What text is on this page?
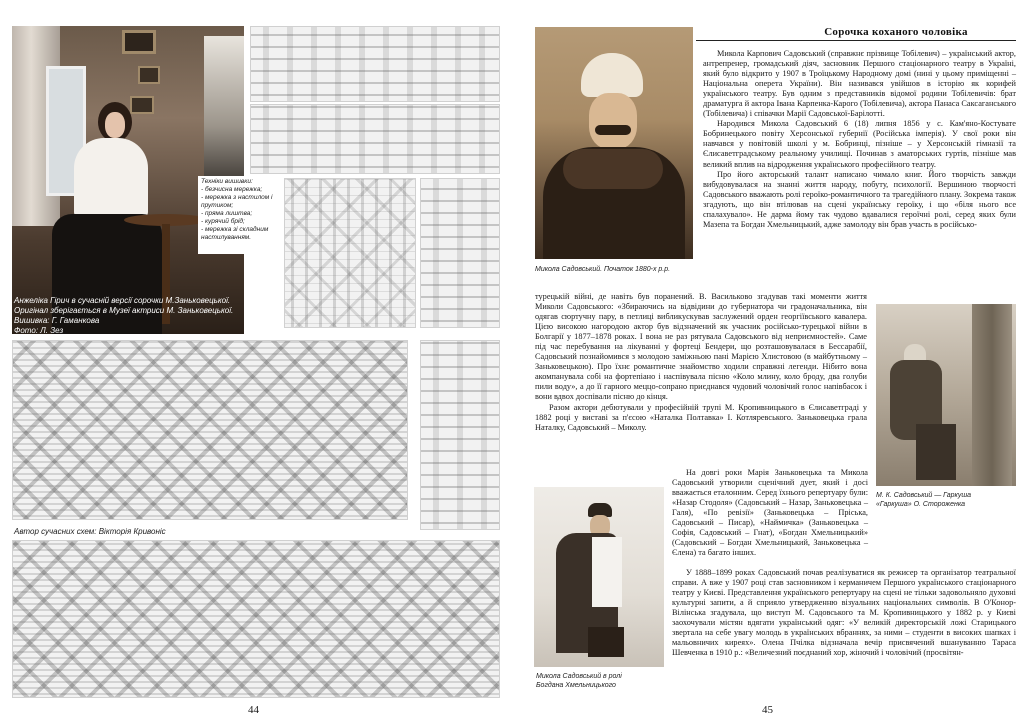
Анжеліка Гірич в сучасній версії сорочки М.Заньковецької.
Оригінал зберігається в Музеї актриси М. Заньковецької.
Вишивка: Г. Гаманкова
Фото: Л. Зез
Техніки вишивки:
- безчисна мережка;
- мережка з настилом і прутиком;
- пряма лиштва;
- курячий брід;
- мережка зі складним настилуванням.
Автор сучасних схем: Вікторія Кривоніс
44
Сорочка коханого чоловіка
Микола Садовський. Початок 1880-х р.р.

Микола Карпович Садовський (справжнє прізвище Тобілевич) – український актор, антрепренер, громадський діяч, засновник Першого стаціонарного театру в Україні, який було відкрито у 1907 в Троїцькому Народному домі (нині у цьому приміщенні – Національна оперета України). Він називався увійшов в історію як корифей українського театру. Був одним з представників відомої родини Тобілевичів: брат драматурга й актора Івана Карпенка-Карого (Тобілевича), актора Панаса Саксаганського (Тобілевича) і співачки Марії Садовської-Барілотті.

Народився Микола Садовський 6 (18) липня 1856 у с. Кам'яно-Костувате Бобринецького повіту Херсонської губернії (Російська імперія). У свої роки він навчався у повітовій школі у м. Бобринці, пізніше – у Херсонській гімназії та Єлисаветградському реальному училищі. Починав з аматорських гуртів, пізніше мав великий вплив на відродження українського професійного театру.

Про його акторський талант написано чимало книг. Його творчість завжди вибудовувалася на знанні життя народу, побуту, психології. Вершиною творчості Садовського вважають ролі героїко-романтичного та трагедійного плану. Зокрема також згадують, що він втілював на сцені українську героїку, і що «біля нього все спалахувало». Не дарма йому так чудово вдавалися героїчні ролі, серед яких були Мазепа та Богдан Хмельницький, адже замолоду він брав участь в російсько-

турецькій війні, де навіть був поранений. В. Васильково згадував такі моменти життя Миколи Садовського: «Збираючись на відвідини до губернатора чи градоначальника, він одягав сюртучну пару, в петлиці вибликускував заслужений орден георгіївського кавалера. Цією високою нагородою актор був відзначений як учасник російсько-турецької війни в Болгарії у 1877–1878 роках. І вона не раз рятувала Садовського від неприємностей». Саме під час перебування на лікуванні у фортеці Бендери, що розташовувалася в Бессарабії, Садовський познайомився з молодою заміжньою пані Марією Хлистовою (в майбутньому – Заньковецькою). Про їхнє романтичне знайомство ходили справжні легенди. Нібито вона акомпанувала собі на фортепіано і наспівувала пісню «Коло млину, коло броду, два голуби пили воду», а до її гарного меццо-сопрано приєднався чудовий чоловічий голос напівбасок і вони вдвох доспівали пісню до кінця.

Разом актори дебютували у професійній трупі М. Кропивницького в Єлисаветграді у 1882 році у виставі за п'єсою «Наталка Полтавка» І. Котляревського. Заньковецька грала Наталку, Садовський – Миколу.

М. К. Садовський — Гаркуша
«Гаркуша» О. Стороженка

На довгі роки Марія Заньковецька та Микола Садовський утворили сценічний дует, який і досі вважається еталонним. Серед їхнього репертуару були: «Назар Стодоля» (Садовський – Назар, Заньковецька – Галя), «По ревізії» (Заньковецька – Пріська, Садовський – Писар), «Наймичка» (Заньковецька – Софія, Садовський – Гнат), «Богдан Хмельницький» (Садовський – Богдан Хмельницький, Заньковецька – Єлена) та багато інших.

Микола Садовський в ролі
Богдана Хмельницького

У 1888–1899 роках Садовський почав реалізуватися як режисер та організатор театральної справи. А вже у 1907 році став засновником і керманичем Першого українського стаціонарного театру у Києві. Представлення українського репертуару на сцені не тільки задовольняло духовні культурні запити, а й сприяло утвердженню візуальних національних символів. В О'Конор-Вілінська згадувала, що виступ М. Садовського та М. Кропивницького у 1882 р. у Києві заохочували містян вдягати український одяг: «У великій директорській ложі Старицького звертала на себе увагу молодь в українських вбраннях, за ними – студенти в високих шапках і мальовничих киреях». Олена Пчілка відзначала вечір присвячений вшануванню Тараса Шевченка в 1910 р.: «Величезний поєднаний хор, жіночий і чоловічий (просвітян-

45
